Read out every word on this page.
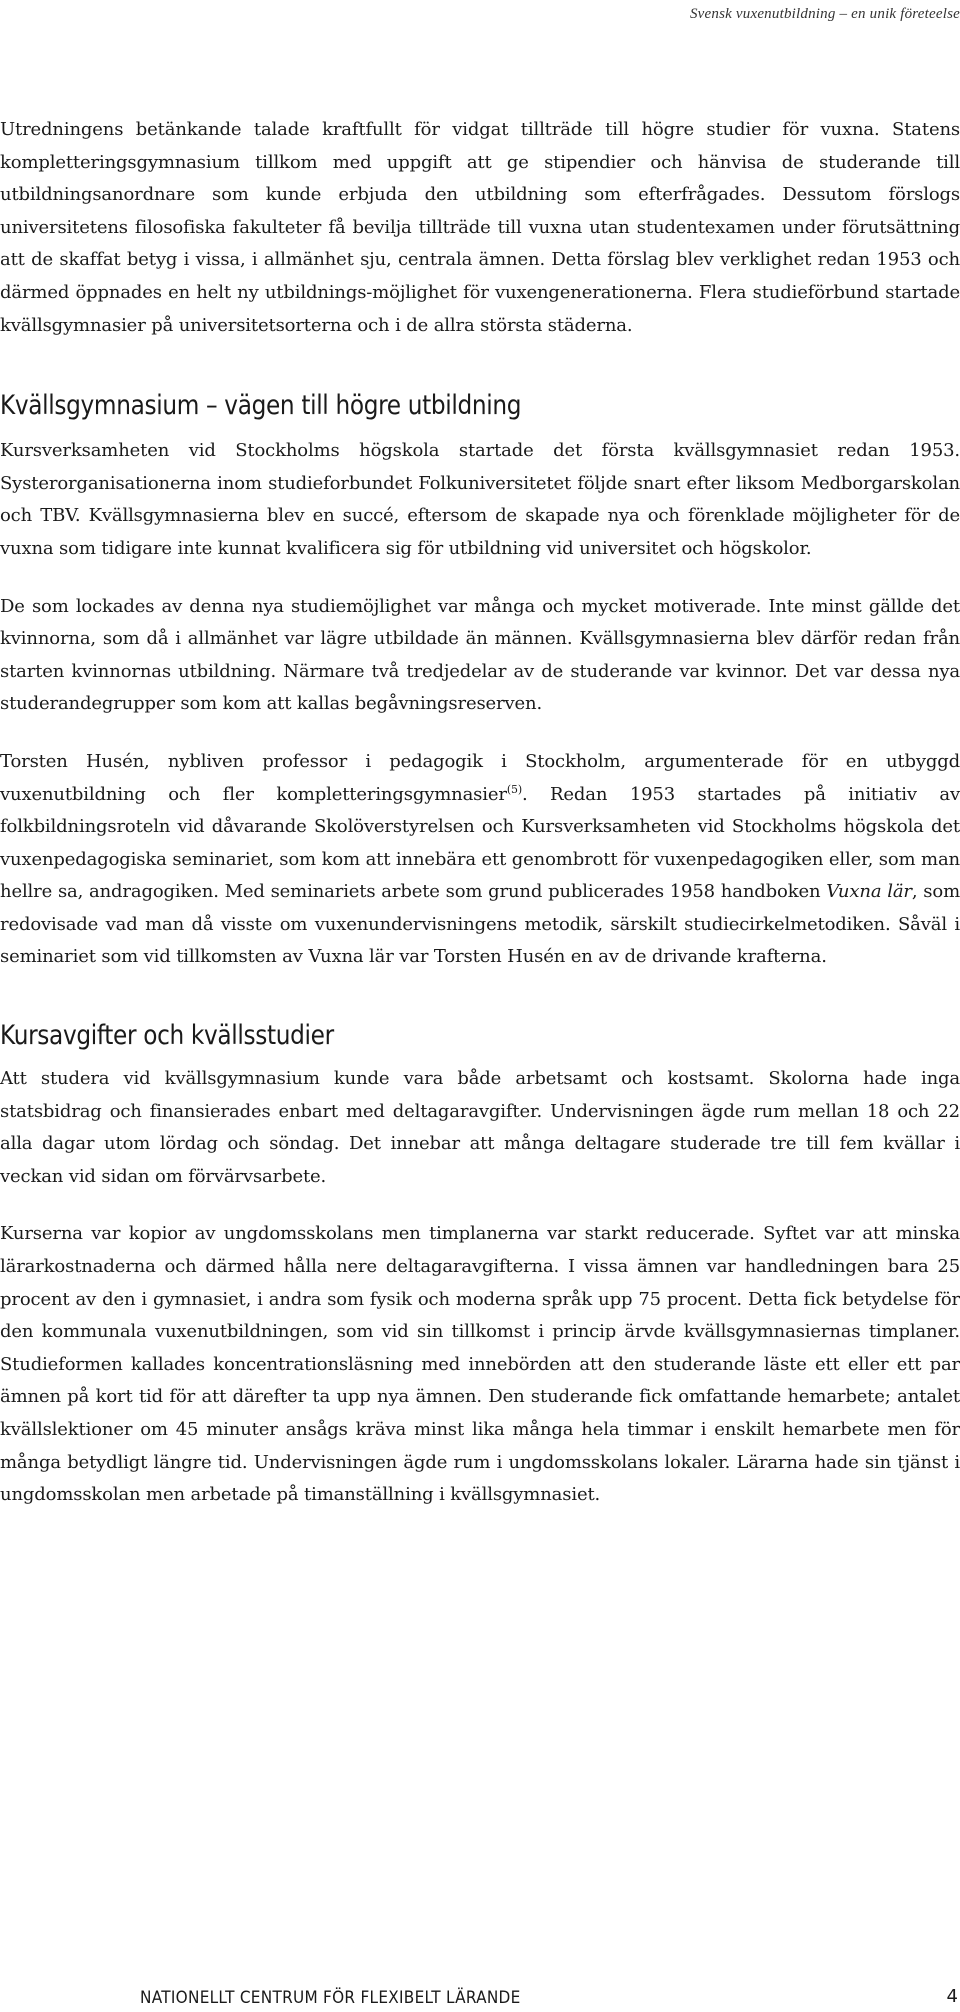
Svensk vuxenutbildning – en unik företeelse

Utredningens betänkande talade kraftfullt för vidgat tillträde till högre studier för vuxna. Statens kompletteringsgymnasium tillkom med uppgift att ge stipendier och hänvisa de studerande till utbildningsanordnare som kunde erbjuda den utbildning som efterfrågades. Dessutom förslogs universitetens filosofiska fakulteter få bevilja tillträde till vuxna utan studentexamen under förutsättning att de skaffat betyg i vissa, i allmänhet sju, centrala ämnen. Detta förslag blev verklighet redan 1953 och därmed öppnades en helt ny utbildnings-möjlighet för vuxengenerationerna. Flera studieförbund startade kvällsgymnasier på universitetsorterna och i de allra största städerna.

Kvällsgymnasium – vägen till högre utbildning

Kursverksamheten vid Stockholms högskola startade det första kvällsgymnasiet redan 1953. Systerorganisationerna inom studieforbundet Folkuniversitetet följde snart efter liksom Medborgarskolan och TBV. Kvällsgymnasierna blev en succé, eftersom de skapade nya och förenklade möjligheter för de vuxna som tidigare inte kunnat kvalificera sig för utbildning vid universitet och högskolor.

De som lockades av denna nya studiemöjlighet var många och mycket motiverade. Inte minst gällde det kvinnorna, som då i allmänhet var lägre utbildade än männen. Kvällsgymnasierna blev därför redan från starten kvinnornas utbildning. Närmare två tredjedelar av de studerande var kvinnor. Det var dessa nya studerandegrupper som kom att kallas begåvningsreserven.

Torsten Husén, nybliven professor i pedagogik i Stockholm, argumenterade för en utbyggd vuxenutbildning och fler kompletteringsgymnasier$^{(5)}$. Redan 1953 startades på initiativ av folkbildningsroteln vid dåvarande Skolöverstyrelsen och Kursverksamheten vid Stockholms högskola det vuxenpedagogiska seminariet, som kom att innebära ett genombrott för vuxenpedagogiken eller, som man hellre sa, andragogiken. Med seminariets arbete som grund publicerades 1958 handboken Vuxna lär, som redovisade vad man då visste om vuxenundervisningens metodik, särskilt studiecirkelmetodiken. Såväl i seminariet som vid tillkomsten av Vuxna lär var Torsten Husén en av de drivande krafterna.

Kursavgifter och kvällsstudier

Att studera vid kvällsgymnasium kunde vara både arbetsamt och kostsamt. Skolorna hade inga statsbidrag och finansierades enbart med deltagaravgifter. Undervisningen ägde rum mellan 18 och 22 alla dagar utom lördag och söndag. Det innebar att många deltagare studerade tre till fem kvällar i veckan vid sidan om förvärvsarbete.

Kurserna var kopior av ungdomsskolans men timplanerna var starkt reducerade. Syftet var att minska lärarkostnaderna och därmed hålla nere deltagaravgifterna. I vissa ämnen var handledningen bara 25 procent av den i gymnasiet, i andra som fysik och moderna språk upp 75 procent. Detta fick betydelse för den kommunala vuxenutbildningen, som vid sin tillkomst i princip ärvde kvällsgymnasiernas timplaner. Studieformen kallades koncentrationsläsning med innebörden att den studerande läste ett eller ett par ämnen på kort tid för att därefter ta upp nya ämnen. Den studerande fick omfattande hemarbete; antalet kvällslektioner om 45 minuter ansågs kräva minst lika många hela timmar i enskilt hemarbete men för många betydligt längre tid. Undervisningen ägde rum i ungdomsskolans lokaler. Lärarna hade sin tjänst i ungdomsskolan men arbetade på timanställning i kvällsgymnasiet.

NATIONELLT CENTRUM FÖR FLEXIBELT LÄRANDE	4
